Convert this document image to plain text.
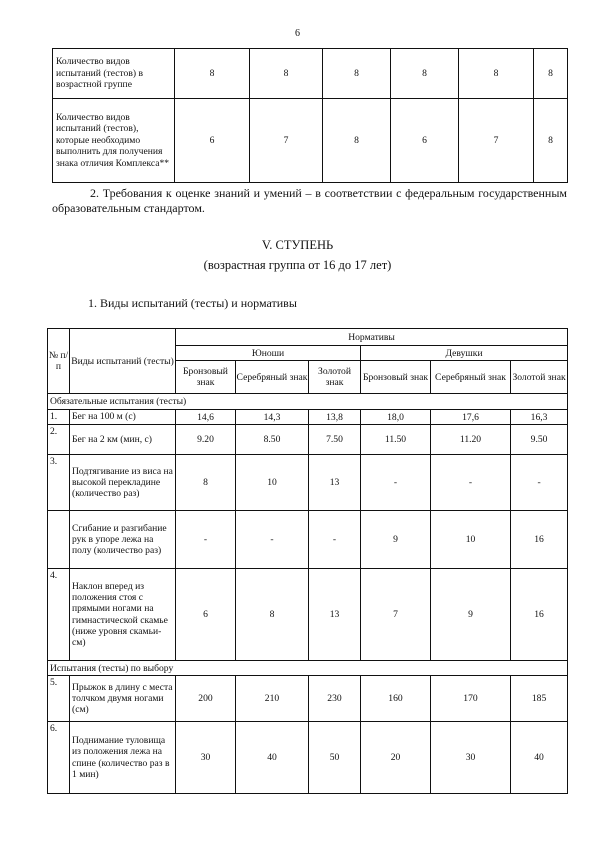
6
Количество видов испытаний (тестов) в возрастной группе	8	8	8	8	8	8
Количество видов испытаний (тестов), которые необходимо выполнить для получения знака отличия Комплекса**	6	7	8	6	7	8

2. Требования к оценке знаний и умений – в соответствии с федеральным государственным образовательным стандартом.

V. СТУПЕНЬ
(возрастная группа от 16 до 17 лет)
1. Виды испытаний (тесты) и нормативы
№ п/п	Виды испытаний (тесты)	Нормативы					
		Юноши			Девушки		
		Бронзовый знак	Серебряный знак	Золотой знак	Бронзовый знак	Серебряный знак	Золотой знак
Обязательные испытания (тесты)							
1.	Бег на 100 м (с)	14,6	14,3	13,8	18,0	17,6	16,3
2.	Бег на 2 км (мин, с)	9.20	8.50	7.50	11.50	11.20	9.50
3.	Подтягивание из виса на высокой перекладине (количество раз)	8	10	13	-	-	-
	Сгибание и разгибание рук в упоре лежа на полу (количество раз)	-	-	-	9	10	16
4.	Наклон вперед из положения стоя с прямыми ногами на гимнастической скамье (ниже уровня скамьи-см)	6	8	13	7	9	16
Испытания (тесты) по выбору							
5.	Прыжок в длину с места толчком двумя ногами (см)	200	210	230	160	170	185
6.	Поднимание туловища из положения лежа на спине (количество раз в 1 мин)	30	40	50	20	30	40
